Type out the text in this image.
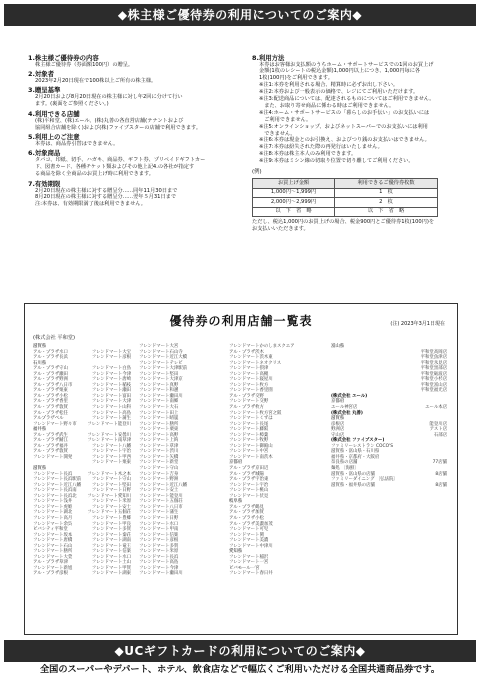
◆株主様ご優待券の利用についてのご案内◆
1.株主様ご優待券の内容
株主様ご優待券（券面額100円）の贈呈。
2.対象者
2023年2月20日現在で100株以上ご所有の株主様。
3.贈呈基準
2月20日および8月20日現在の株主様に対し年2回に分けて行い
ます。(裏面をご参照ください。)
4.利用できる店舗
(株)平和堂、(株)エール、(株)丸善の各直営店舗(テナントおよび
協同組合店舗を除く)および(株)ファイブスターの店舗で利用できます。
5.利用上のご注意
本券は、商品券引替はできません。
6.対象商品
タバコ、印紙、切手、ハガキ、商品券、ギフト券、プリペイドギフトカー
ド、図書カード、各種チケット類およびその他上記4.の各社が指定す
る商品を除く全商品のお買上げ時に利用できます。
7.有効期限
2月20日現在の株主様に対する贈呈分……同年11月30日まで
8月20日現在の株主様に対する贈呈分……翌年５月31日まで
注:本券は、有効期限満了後は利用できません。
8.利用方法
本券はお客様お支払額のうちホーム・サポートサービスでの1回のお買上げ
金額(1枚のレシートの税込金額)1,000円以上につき、1,000円毎に各
1枚(100円)をご利用できます。
※注1:本券を利用される場合、精算時に必ずお出し下さい。
※注2:本券および一般表示の価格で、レジにてご利用いただけます。
※注3:配送商品については、配達されるものについてはご利用できません。
　また、お取り寄せ商品に係わる時はご利用できません。
※注4:ホーム・サポートサービスの「暮らしのお手伝い」のお支払いには
　ご利用できません。
※注5:オンラインショップ、およびネットスーパーでのお支払いには利用
　できません。
※注6:本券は現金とのお引換え、およびつり銭のお支払いはできません。
※注7:本券は紛失された際の再発行はいたしません。
※注8:本券は株主本人のみ利用できます。
※注9:本券はミシン線の切取り位置で切り離してご利用ください。
(例)
お買上げ金額	利用できるご優待券枚数
1,000円〜1,999円	1　枚
2,000円〜2,999円	2　枚
以　下　省　略	以　下　省　略
ただし、税込1,000円のお買上げの場合、税金900円とご優待券1枚(100円)を
お支払いいただきます。
優待券の利用店舗一覧表	(注) 2023年3月1日現在
(株式会社 平和堂)
滋賀県
アル・プラザ水口	フレンドマート大宝
アル・プラザ長浜	フレンドマート彦根
石川県
アル・プラザ守山	フレンドマート白鳥
アル・プラザ瀬田	フレンドマート今津
アル・プラザ野洲	フレンドマート唐崎
アル・プラザ八日市	フレンドマート稲枝
アル・プラザ栗東	フレンドマート瀬田
アル・プラザ小松	フレンドマート富田
アル・プラザ香里	フレンドマート大津
アル・プラザ敦賀	フレンドマート山科
アル・プラザ松任	フレンドマート高島
アルプラザベル	フレンドマート蒲生
フレンドマート野々市 フレンドマート能登川
福井県
アル・プラザ武生	フレンドマート安曇川
アル・プラザ鯖江	フレンドマート南草津
アル・プラザ福井	フレンドマート八幡
アル・プラザ敦賀	フレンドマート宇治
フレンドマート開発	フレンドマート甲西
フレンドマート栗東
滋賀県
フレンドマート長浜	フレンドマート木之本
フレンドマート長浜駅前 フレンドマート守山
フレンドマート近江八幡 フレンドマート堅田
フレンドマート長浜南	フレンドマート日野
フレンドマート長浜北 フレンドマート愛知川
フレンドマート浅井	フレンドマート米原
フレンドマート虎姫	フレンドマート安土
フレンドマート湖北	フレンドマート五個荘
フレンドマート高月	フレンドマート豊郷
フレンドマート余呉	フレンドマート甲良
ビバシティ平和堂	フレンドマート多賀
フレンドマート坂本	フレンドマート秦荘
フレンドマート唐橋	フレンドマート湖南
フレンドマート石山	フレンドマート竜王
フレンドマート膳所	フレンドマート信楽
フレンドマート大萱	フレンドマート水口
アル・プラザ草津	フレンドマート土山
フレンドマート新旭	フレンドマート甲賀
アル・プラザ彦根	フレンドマート湖東
フレンドマート大宮
フレンドマート石山寺
フレンドマート近江大橋
フレンドマートテレビ
フレンドマート大津駅前
フレンドマート堅田
フレンドマート大津京
フレンドマート真野
フレンドマート和邇
フレンドマート瀬田川
フレンドマート南郷
フレンドマート大石
フレンドマート田上
フレンドマート晴嵐
フレンドマート膳所
フレンドマート栗東
フレンドマート高野
フレンドマート上鈎
フレンドマート草津
フレンドマート渋川
フレンドマート矢橋
フレンドマート新堂
フレンドマート守山
フレンドマート吉身
フレンドマート野洲
フレンドマート近江八幡
フレンドマート安土
フレンドマート能登川
フレンドマート五個荘
フレンドマート八日市
フレンドマート蒲生
フレンドマート日野
フレンドマート水口
フレンドマート甲南
フレンドマート信楽
フレンドマート彦根
フレンドマート多賀
フレンドマート米原
フレンドマート長浜
フレンドマート高島
フレンドマート今津
フレンドマート瀬田川
フレンドマートかのしまスクエア
アル・プラザ茨木
フレンドマート茨木東
フレンドマートネオクリス
フレンドマート摂津
フレンドマート高槻
フレンドマート寝屋川
フレンドマート枚方
フレンドマート香里園
アル・プラザ交野
フレンドマート交野
アル・プラザ枚方
フレンドマート枚方宮之阪
フレンドマートくずは
フレンドマート長尾
フレンドマート藤阪
フレンドマート樟葉
フレンドマート牧野
フレンドマート御殿山
フレンドマート中宮
フレンドマート南茨木
京都府
アル・プラザ京田辺
アル・プラザ城陽
アル・プラザ宇治東
フレンドマート宇治
フレンドマート桃山
フレンドマート伏見
岐阜県
アル・プラザ鶴見
アル・プラザ加賀
アル・プラザ小松
アル・プラザ美濃加茂
フレンドマート可児
フレンドマート関
フレンドマート美濃
フレンドマート中津川
愛知県
フレンドマート稲沢
フレンドマート一宮
ビバモール一宮
フレンドマート春日井
富山県
平和堂高岡店
平和堂魚津店
平和堂氷見店
平和堂黒部店
平和堂砺波店
平和堂小杉店
平和堂富山店
平和堂福光店
(株式会社 エール)
京都府
エール神宮店	エール本店
(株式会社 丸善)
滋賀県
彦根店	能登川店
野洲店	アスト店
守山店	石部店
(株式会社 ファイブスター)
ファミリーレストラン COCO'S
滋賀県・富山県・石川県
福井県・京都府・大阪府
奈良県の店舗	77店舗
麺処 〔海鮮〕
滋賀県・富山県の店舗	8店舗
ファミリーダイニング 〔弘法院〕
滋賀県・福井県の店舗	8店舗
◆UCギフトカードの利用についてのご案内◆
全国のスーパーやデパート、ホテル、飲食店などで幅広くご利用いただける全国共通商品券です。
